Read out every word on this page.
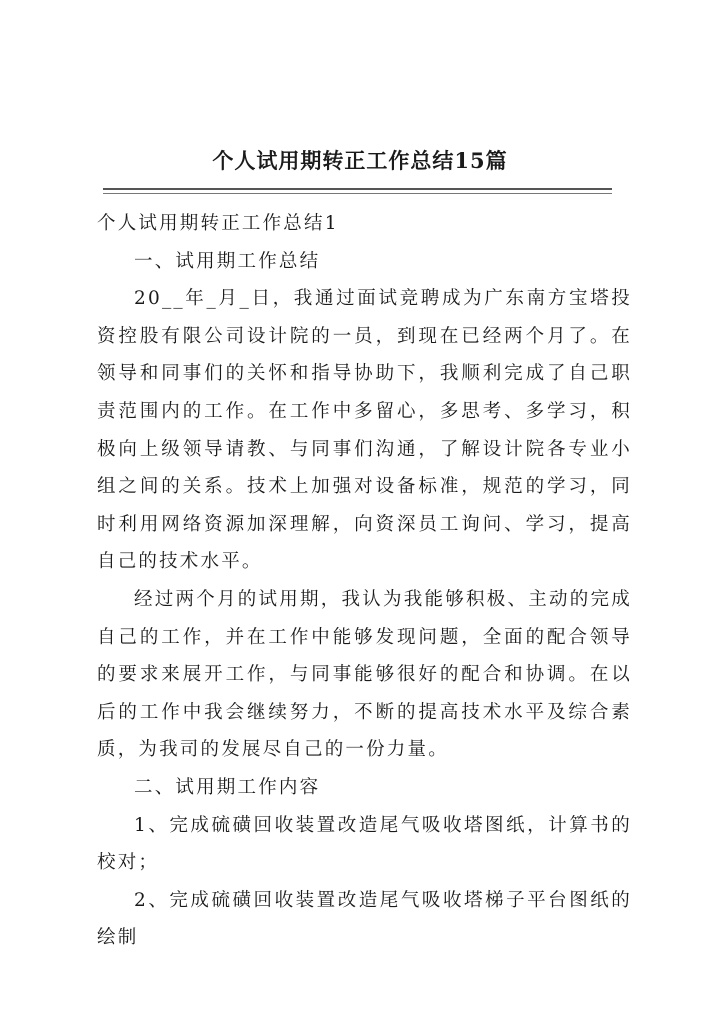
个人试用期转正工作总结15篇

个人试用期转正工作总结1

一、试用期工作总结

20__年_月_日，我通过面试竞聘成为广东南方宝塔投资控股有限公司设计院的一员，到现在已经两个月了。在领导和同事们的关怀和指导协助下，我顺利完成了自己职责范围内的工作。在工作中多留心，多思考、多学习，积极向上级领导请教、与同事们沟通，了解设计院各专业小组之间的关系。技术上加强对设备标准，规范的学习，同时利用网络资源加深理解，向资深员工询问、学习，提高自己的技术水平。

经过两个月的试用期，我认为我能够积极、主动的完成自己的工作，并在工作中能够发现问题，全面的配合领导的要求来展开工作，与同事能够很好的配合和协调。在以后的工作中我会继续努力，不断的提高技术水平及综合素质，为我司的发展尽自己的一份力量。

二、试用期工作内容

1、完成硫磺回收装置改造尾气吸收塔图纸，计算书的校对；

2、完成硫磺回收装置改造尾气吸收塔梯子平台图纸的绘制
